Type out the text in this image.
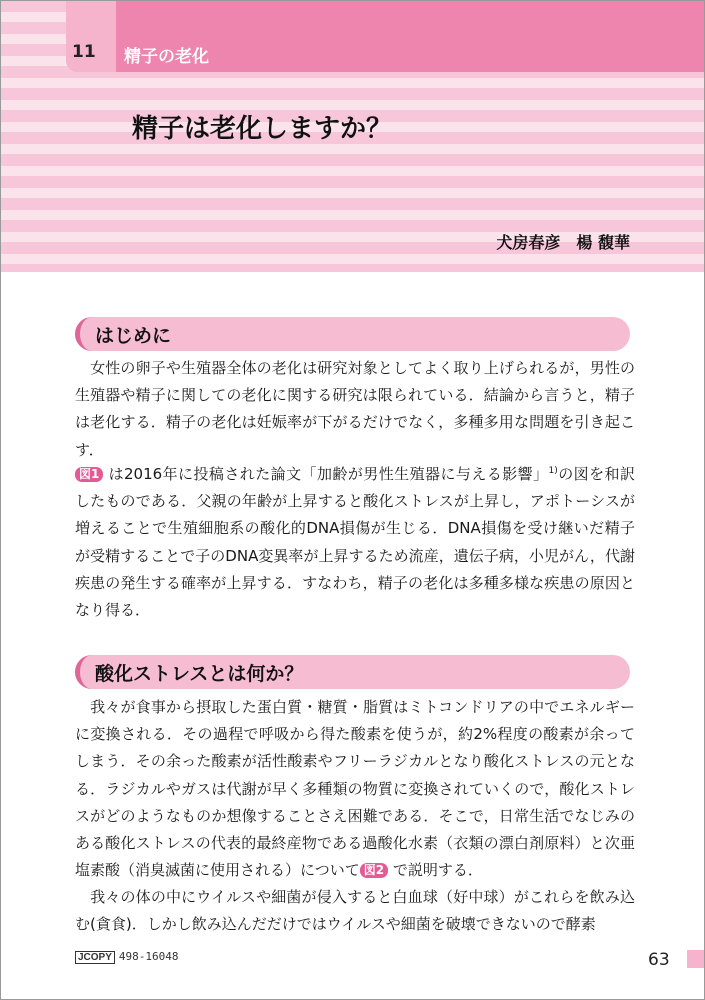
11 精子の老化
精子は老化しますか？
犬房春彦　楊 馥華
はじめに
女性の卵子や生殖器全体の老化は研究対象としてよく取り上げられるが，男性の生殖器や精子に関しての老化に関する研究は限られている．結論から言うと，精子は老化する．精子の老化は妊娠率が下がるだけでなく，多種多用な問題を引き起こす．
図1 は2016年に投稿された論文「加齢が男性生殖器に与える影響」$^{1)}$の図を和訳したものである．父親の年齢が上昇すると酸化ストレスが上昇し，アポトーシスが増えることで生殖細胞系の酸化的DNA損傷が生じる．DNA損傷を受け継いだ精子が受精することで子のDNA変異率が上昇するため流産，遺伝子病，小児がん，代謝疾患の発生する確率が上昇する．すなわち，精子の老化は多種多様な疾患の原因となり得る．
酸化ストレスとは何か？
我々が食事から摂取した蛋白質・糖質・脂質はミトコンドリアの中でエネルギーに変換される．その過程で呼吸から得た酸素を使うが，約2%程度の酸素が余ってしまう．その余った酸素が活性酸素やフリーラジカルとなり酸化ストレスの元となる．ラジカルやガスは代謝が早く多種類の物質に変換されていくので，酸化ストレスがどのようなものか想像することさえ困難である．そこで，日常生活でなじみのある酸化ストレスの代表的最終産物である過酸化水素（衣類の漂白剤原料）と次亜塩素酸（消臭滅菌に使用される）について 図2 で説明する．
我々の体の中にウイルスや細菌が侵入すると白血球（好中球）がこれらを飲み込む(貪食)．しかし飲み込んだだけではウイルスや細菌を破壊できないので酵素
JCOPY 498-16048	63
